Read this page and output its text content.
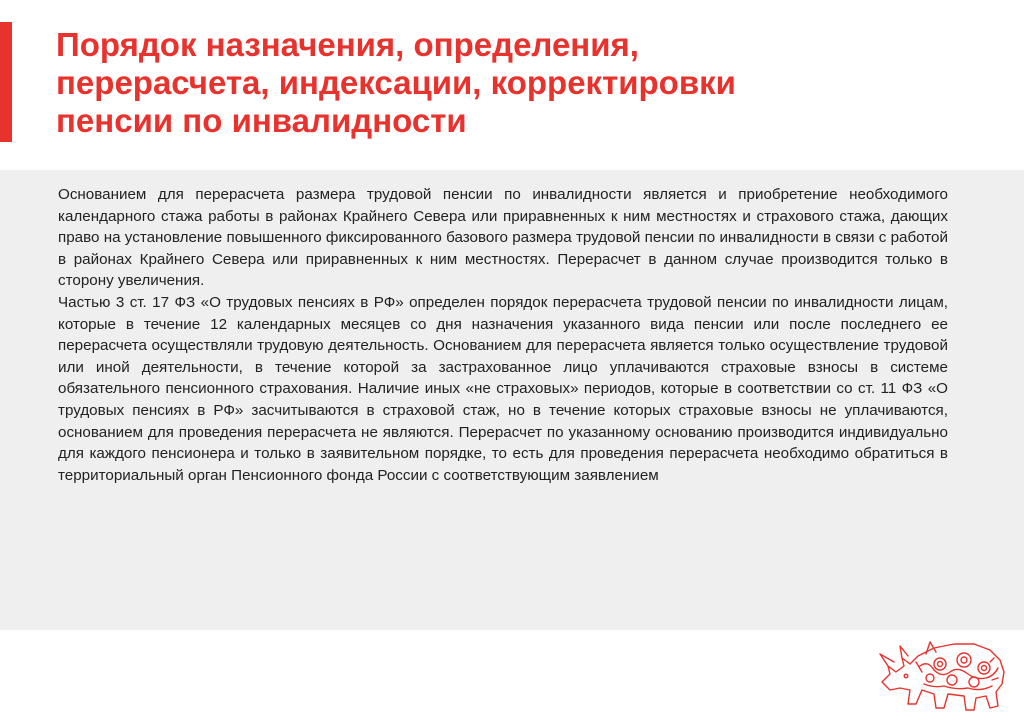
Порядок назначения, определения,
перерасчета, индексации, корректировки
пенсии по инвалидности

Основанием для перерасчета размера трудовой пенсии по инвалидности является и приобретение необходимого календарного стажа работы в районах Крайнего Севера или приравненных к ним местностях и страхового стажа, дающих право на установление повышенного фиксированного базового размера трудовой пенсии по инвалидности в связи с работой в районах Крайнего Севера или приравненных к ним местностях. Перерасчет в данном случае производится только в сторону увеличения.

Частью 3 ст. 17 ФЗ «О трудовых пенсиях в РФ» определен порядок перерасчета трудовой пенсии по инвалидности лицам, которые в течение 12 календарных месяцев со дня назначения указанного вида пенсии или после последнего ее перерасчета осуществляли трудовую деятельность. Основанием для перерасчета является только осуществление трудовой или иной деятельности, в течение которой за застрахованное лицо уплачиваются страховые взносы в системе обязательного пенсионного страхования. Наличие иных «не страховых» периодов, которые в соответствии со ст. 11 ФЗ «О трудовых пенсиях в РФ» засчитываются в страховой стаж, но в течение которых страховые взносы не уплачиваются, основанием для проведения перерасчета не являются. Перерасчет по указанному основанию производится индивидуально для каждого пенсионера и только в заявительном порядке, то есть для проведения перерасчета необходимо обратиться в территориальный орган Пенсионного фонда России с соответствующим заявлением
